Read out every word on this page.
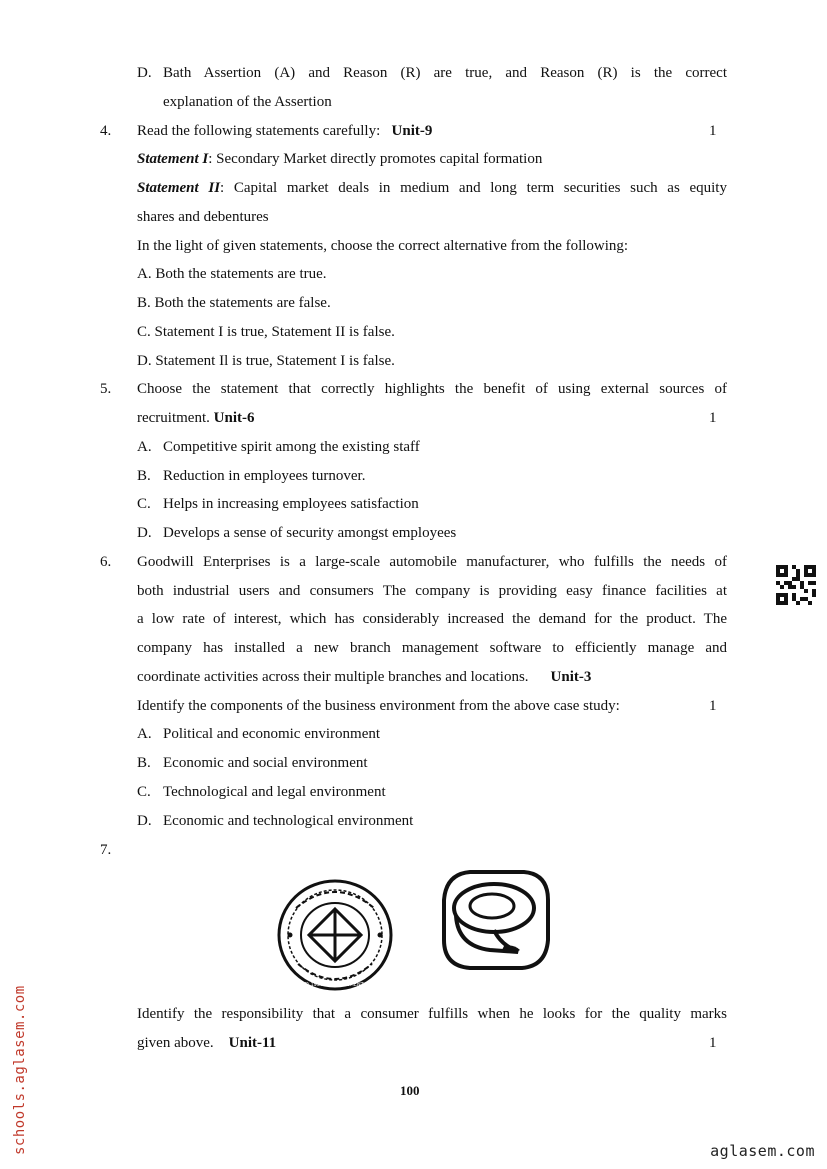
D. Bath Assertion (A) and Reason (R) are true, and Reason (R) is the correct
explanation of the Assertion
4. Read the following statements carefully: Unit-9	1
Statement I: Secondary Market directly promotes capital formation
Statement II: Capital market deals in medium and long term securities such as equity
shares and debentures
In the light of given statements, choose the correct alternative from the following:
A. Both the statements are true.
B. Both the statements are false.
C. Statement I is true, Statement II is false.
D. Statement Il is true, Statement I is false.
5. Choose the statement that correctly highlights the benefit of using external sources of
recruitment. Unit-6	1
A. Competitive spirit among the existing staff
B. Reduction in employees turnover.
C. Helps in increasing employees satisfaction
D. Develops a sense of security amongst employees
6. Goodwill Enterprises is a large-scale automobile manufacturer, who fulfills the needs of
both industrial users and consumers The company is providing easy finance facilities at
a low rate of interest, which has considerably increased the demand for the product. The
company has installed a new branch management software to efficiently manage and
coordinate activities across their multiple branches and locations. Unit-3
Identify the components of the business environment from the above case study:	1
A. Political and economic environment
B. Economic and social environment
C. Technological and legal environment
D. Economic and technological environment
7.
CAND · AD 1937 · GOVERNMENT OF INDIA
Identify the responsibility that a consumer fulfills when he looks for the quality marks
given above. Unit-11	1
100
schools.aglasem.com	aglasem.com
